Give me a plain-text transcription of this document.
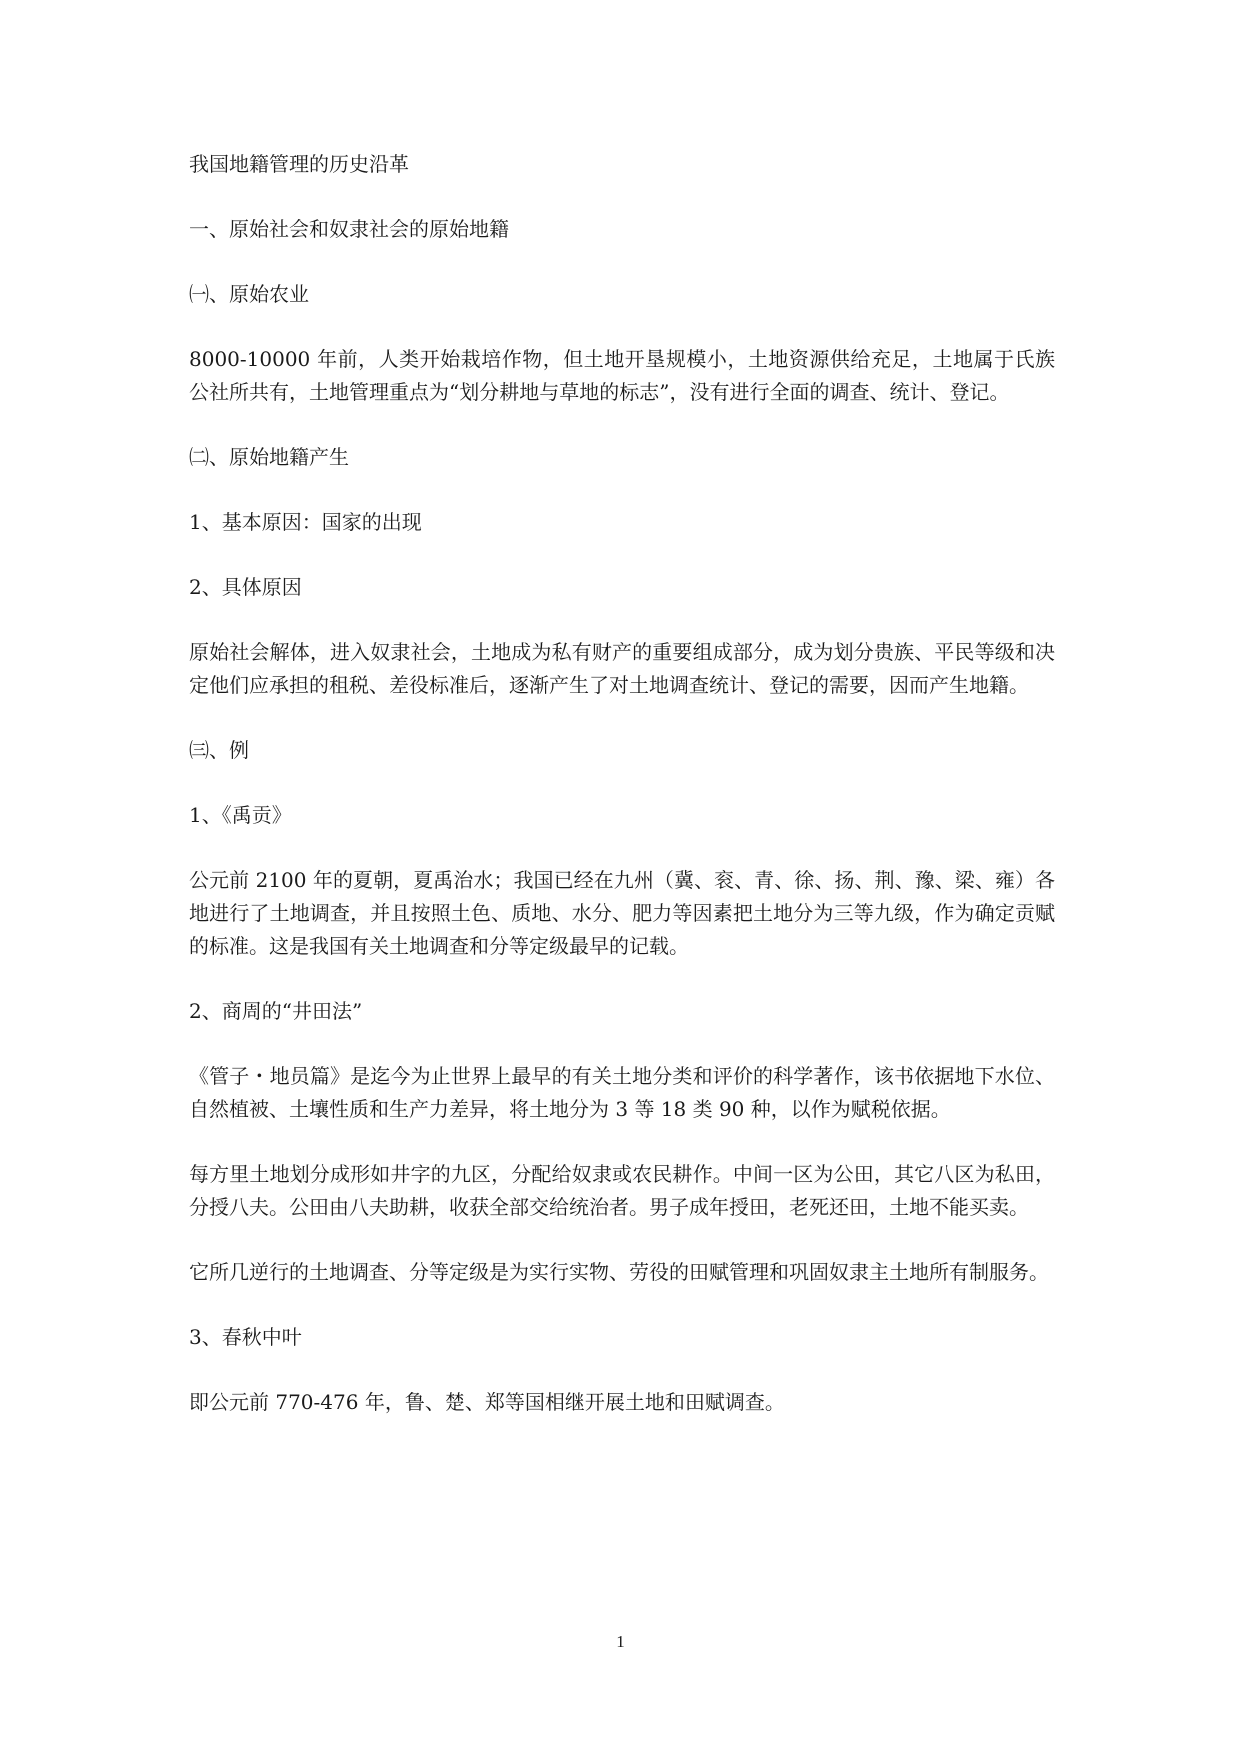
我国地籍管理的历史沿革

一、原始社会和奴隶社会的原始地籍

㈠、原始农业

8000-10000 年前，人类开始栽培作物，但土地开垦规模小，土地资源供给充足，土地属于氏族公社所共有，土地管理重点为“划分耕地与草地的标志”，没有进行全面的调查、统计、登记。

㈡、原始地籍产生

1、基本原因：国家的出现

2、具体原因

原始社会解体，进入奴隶社会，土地成为私有财产的重要组成部分，成为划分贵族、平民等级和决定他们应承担的租税、差役标准后，逐渐产生了对土地调查统计、登记的需要，因而产生地籍。

㈢、例

1、《禹贡》

公元前 2100 年的夏朝，夏禹治水；我国已经在九州（冀、衮、青、徐、扬、荆、豫、梁、雍）各地进行了土地调查，并且按照土色、质地、水分、肥力等因素把土地分为三等九级，作为确定贡赋的标准。这是我国有关土地调查和分等定级最早的记载。

2、商周的“井田法”

《管子・地员篇》是迄今为止世界上最早的有关土地分类和评价的科学著作，该书依据地下水位、自然植被、土壤性质和生产力差异，将土地分为 3 等 18 类 90 种，以作为赋税依据。

每方里土地划分成形如井字的九区，分配给奴隶或农民耕作。中间一区为公田，其它八区为私田，分授八夫。公田由八夫助耕，收获全部交给统治者。男子成年授田，老死还田，土地不能买卖。

它所几逆行的土地调查、分等定级是为实行实物、劳役的田赋管理和巩固奴隶主土地所有制服务。

3、春秋中叶

即公元前 770-476 年，鲁、楚、郑等国相继开展土地和田赋调查。

1
